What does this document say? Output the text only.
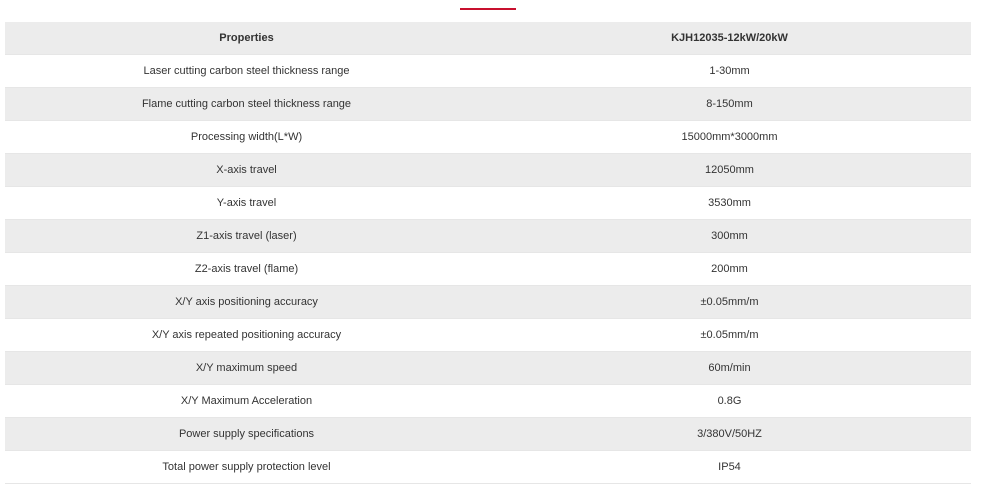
Properties	KJH12035-12kW/20kW
Laser cutting carbon steel thickness range	1-30mm
Flame cutting carbon steel thickness range	8-150mm
Processing width(L*W)	15000mm*3000mm
X-axis travel	12050mm
Y-axis travel	3530mm
Z1-axis travel (laser)	300mm
Z2-axis travel (flame)	200mm
X/Y axis positioning accuracy	±0.05mm/m
X/Y axis repeated positioning accuracy	±0.05mm/m
X/Y maximum speed	60m/min
X/Y Maximum Acceleration	0.8G
Power supply specifications	3/380V/50HZ
Total power supply protection level	IP54
